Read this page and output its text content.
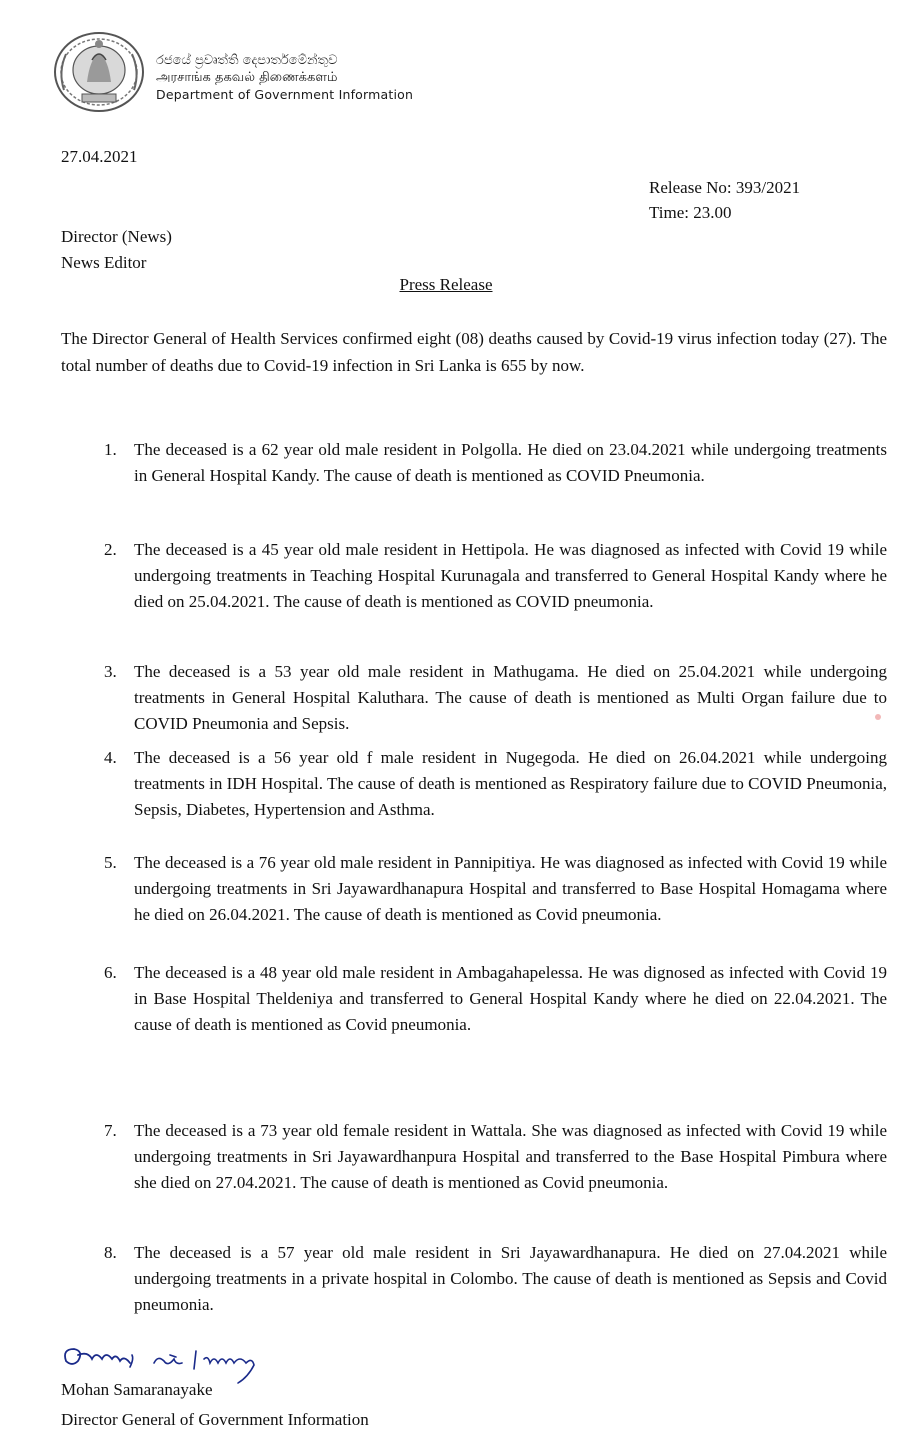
රජයේ ප්‍රවෘත්ති දෙපාර්තමේන්තුව
அரசாங்க தகவல் திணைக்களம்
Department of Government Information
27.04.2021
Release No: 393/2021
Time: 23.00
Director (News)
News Editor
Press Release
The Director General of Health Services confirmed eight (08) deaths caused by Covid-19 virus infection today (27). The total number of deaths due to Covid-19 infection in Sri Lanka is 655 by now.
1.	The deceased is a 62 year old male resident in Polgolla. He died on 23.04.2021 while undergoing treatments in General Hospital Kandy. The cause of death is mentioned as COVID Pneumonia.
2.	The deceased is a 45 year old male resident in Hettipola. He was diagnosed as infected with Covid 19 while undergoing treatments in Teaching Hospital Kurunagala and transferred to General Hospital Kandy where he died on 25.04.2021. The cause of death is mentioned as COVID pneumonia.
3.	The deceased is a 53 year old male resident in Mathugama. He died on 25.04.2021 while undergoing treatments in General Hospital Kaluthara. The cause of death is mentioned as Multi Organ failure due to COVID Pneumonia and Sepsis.
4.	The deceased is a 56 year old f male resident in Nugegoda. He died on 26.04.2021 while undergoing treatments in IDH Hospital. The cause of death is mentioned as Respiratory failure due to COVID Pneumonia, Sepsis, Diabetes, Hypertension and Asthma.
5.	The deceased is a 76 year old male resident in Pannipitiya. He was diagnosed as infected with Covid 19 while undergoing treatments in Sri Jayawardhanapura Hospital and transferred to Base Hospital Homagama where he died on 26.04.2021. The cause of death is mentioned as Covid pneumonia.
6.	The deceased is a 48 year old male resident in Ambagahapelessa. He was dignosed as infected with Covid 19 in Base Hospital Theldeniya and transferred to General Hospital Kandy where he died on 22.04.2021. The cause of death is mentioned as Covid pneumonia.
7.	The deceased is a 73 year old female resident in Wattala. She was diagnosed as infected with Covid 19 while undergoing treatments in Sri Jayawardhanpura Hospital and transferred to the Base Hospital Pimbura where she died on 27.04.2021. The cause of death is mentioned as Covid pneumonia.
8.	The deceased is a 57 year old male resident in Sri Jayawardhanapura. He died on 27.04.2021 while undergoing treatments in a private hospital in Colombo. The cause of death is mentioned as Sepsis and Covid pneumonia.
Mohan Samaranayake
Director General of Government Information
